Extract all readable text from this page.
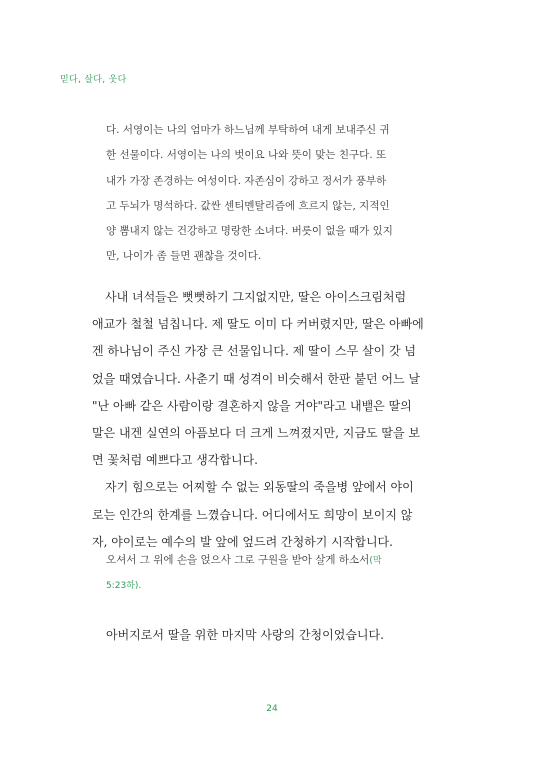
믿다, 살다, 웃다
다. 서영이는 나의 엄마가 하느님께 부탁하여 내게 보내주신 귀
한 선물이다. 서영이는 나의 벗이요 나와 뜻이 맞는 친구다. 또
내가 가장 존경하는 여성이다. 자존심이 강하고 정서가 풍부하
고 두뇌가 명석하다. 값싼 센티멘탈리즘에 흐르지 않는, 지적인
양 뽐내지 않는 건강하고 명랑한 소녀다. 버릇이 없을 때가 있지
만, 나이가 좀 들면 괜찮을 것이다.
사내 녀석들은 뻣뻣하기 그지없지만, 딸은 아이스크림처럼
애교가 철철 넘칩니다. 제 딸도 이미 다 커버렸지만, 딸은 아빠에
겐 하나님이 주신 가장 큰 선물입니다. 제 딸이 스무 살이 갓 넘
었을 때였습니다. 사춘기 때 성격이 비슷해서 한판 붙던 어느 날
"난 아빠 같은 사람이랑 결혼하지 않을 거야"라고 내뱉은 딸의
말은 내겐 실연의 아픔보다 더 크게 느껴졌지만, 지금도 딸을 보
면 꽃처럼 예쁘다고 생각합니다.
자기 힘으로는 어찌할 수 없는 외동딸의 죽을병 앞에서 야이
로는 인간의 한계를 느꼈습니다. 어디에서도 희망이 보이지 않
자, 야이로는 예수의 발 앞에 엎드려 간청하기 시작합니다.
오셔서 그 위에 손을 얹으사 그로 구원을 받아 살게 하소서(막
5:23하).
아버지로서 딸을 위한 마지막 사랑의 간청이었습니다.
24
